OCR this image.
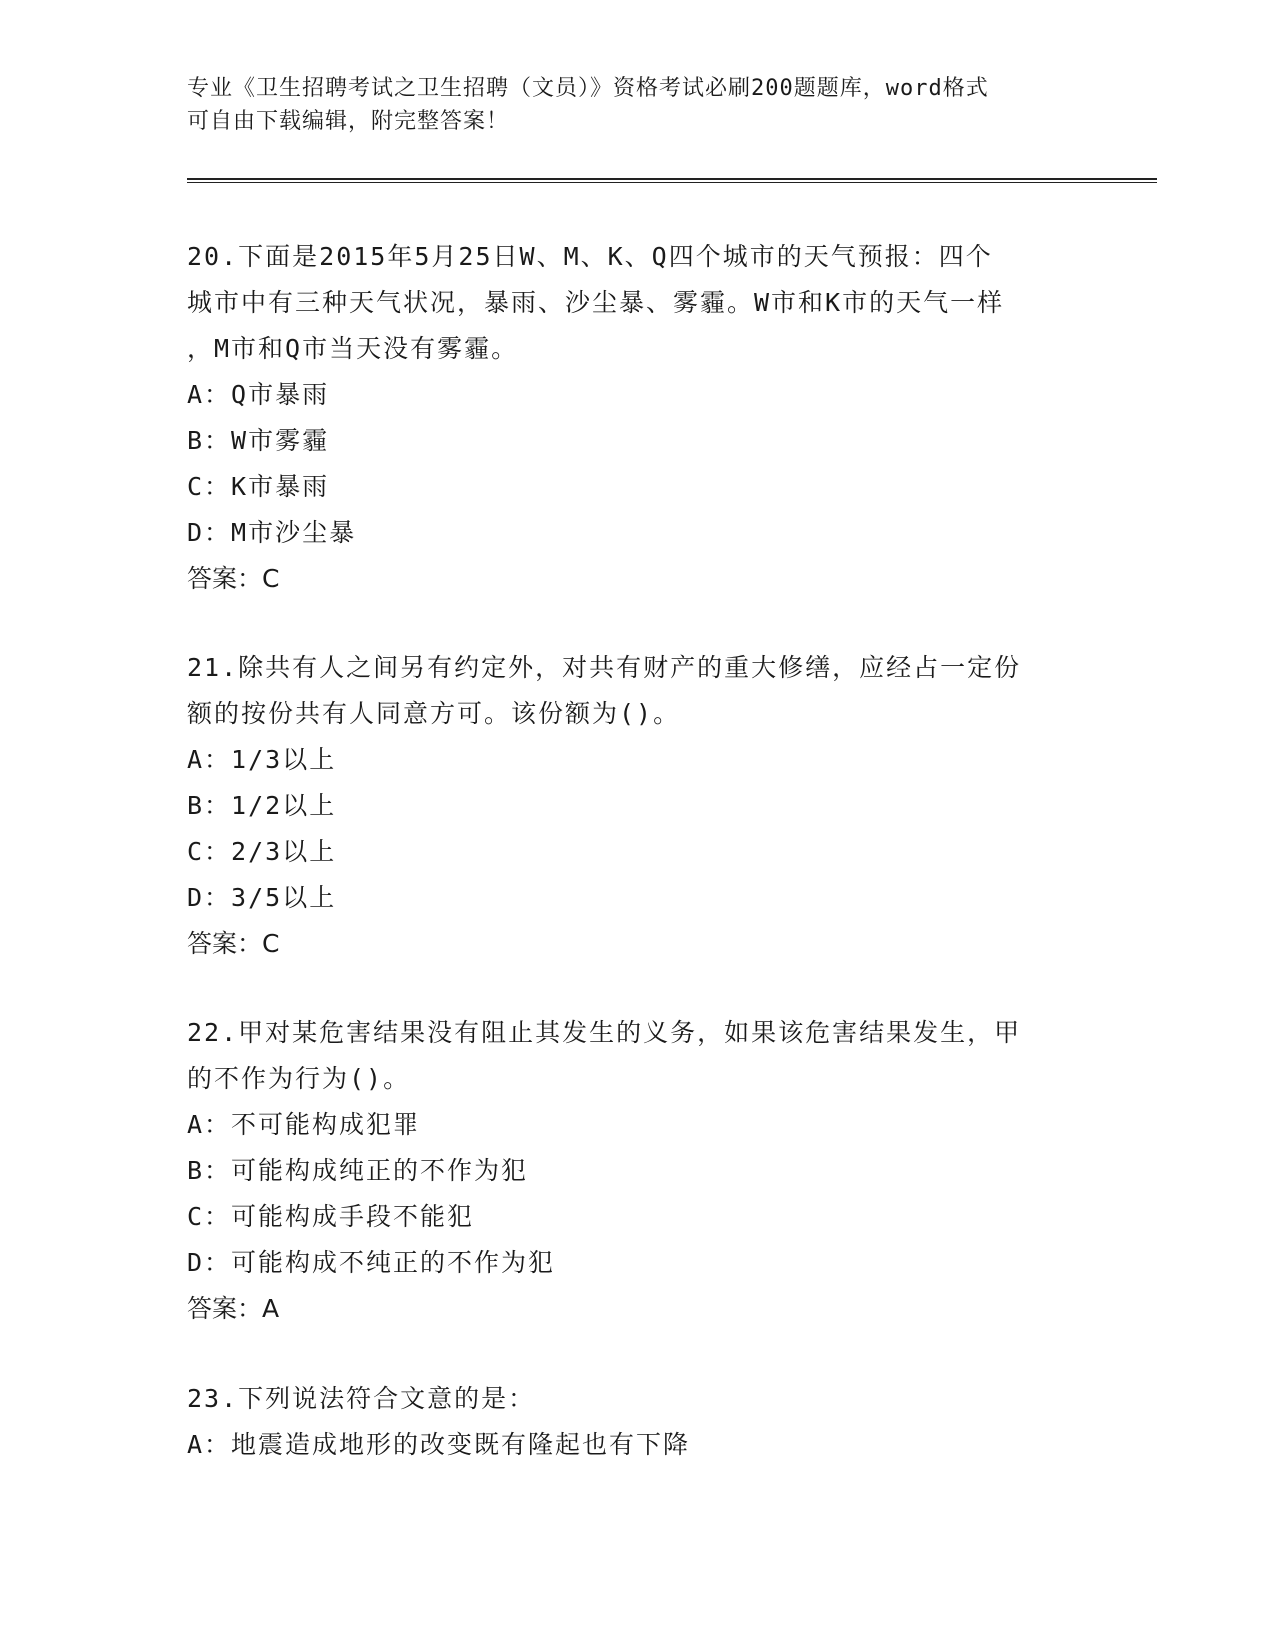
专业《卫生招聘考试之卫生招聘（文员）》资格考试必刷200题题库，word格式
可自由下载编辑，附完整答案！

20.下面是2015年5月25日W、M、K、Q四个城市的天气预报：四个

城市中有三种天气状况，暴雨、沙尘暴、雾霾。W市和K市的天气一样

，M市和Q市当天没有雾霾。

A：Q市暴雨

B：W市雾霾

C：K市暴雨

D：M市沙尘暴

答案：C

21.除共有人之间另有约定外，对共有财产的重大修缮，应经占一定份

额的按份共有人同意方可。该份额为()。

A：1/3以上

B：1/2以上

C：2/3以上

D：3/5以上

答案：C

22.甲对某危害结果没有阻止其发生的义务，如果该危害结果发生，甲

的不作为行为()。

A：不可能构成犯罪

B：可能构成纯正的不作为犯

C：可能构成手段不能犯

D：可能构成不纯正的不作为犯

答案：A

23.下列说法符合文意的是：

A：地震造成地形的改变既有隆起也有下降
